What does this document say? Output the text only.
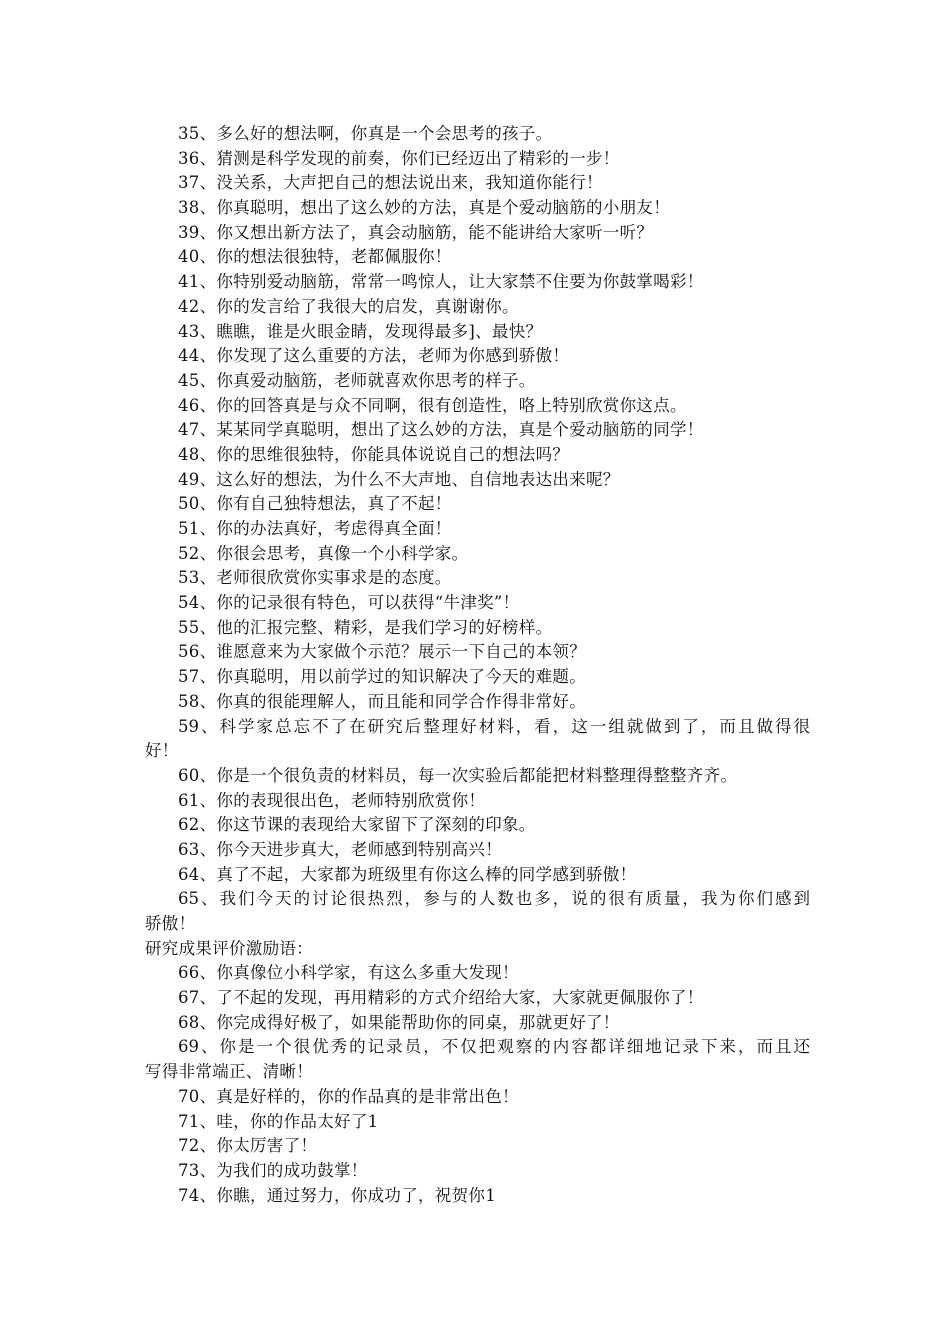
35、多么好的想法啊，你真是一个会思考的孩子。
36、猜测是科学发现的前奏，你们已经迈出了精彩的一步！
37、没关系，大声把自己的想法说出来，我知道你能行！
38、你真聪明，想出了这么妙的方法，真是个爱动脑筋的小朋友！
39、你又想出新方法了，真会动脑筋，能不能讲给大家听一听？
40、你的想法很独特，老都佩服你！
41、你特别爱动脑筋，常常一鸣惊人，让大家禁不住要为你鼓掌喝彩！
42、你的发言给了我很大的启发，真谢谢你。
43、瞧瞧，谁是火眼金睛，发现得最多]、最快？
44、你发现了这么重要的方法，老师为你感到骄傲！
45、你真爱动脑筋，老师就喜欢你思考的样子。
46、你的回答真是与众不同啊，很有创造性，咯上特别欣赏你这点。
47、某某同学真聪明，想出了这么妙的方法，真是个爱动脑筋的同学！
48、你的思维很独特，你能具体说说自己的想法吗？
49、这么好的想法，为什么不大声地、自信地表达出来呢？
50、你有自己独特想法，真了不起！
51、你的办法真好，考虑得真全面！
52、你很会思考，真像一个小科学家。
53、老师很欣赏你实事求是的态度。
54、你的记录很有特色，可以获得“牛津奖”！
55、他的汇报完整、精彩，是我们学习的好榜样。
56、谁愿意来为大家做个示范？展示一下自己的本领？
57、你真聪明，用以前学过的知识解决了今天的难题。
58、你真的很能理解人，而且能和同学合作得非常好。
59、科学家总忘不了在研究后整理好材料，看，这一组就做到了，而且做得很
好！
60、你是一个很负责的材料员，每一次实验后都能把材料整理得整整齐齐。
61、你的表现很出色，老师特别欣赏你！
62、你这节课的表现给大家留下了深刻的印象。
63、你今天进步真大，老师感到特别高兴！
64、真了不起，大家都为班级里有你这么棒的同学感到骄傲！
65、我们今天的讨论很热烈，参与的人数也多，说的很有质量，我为你们感到
骄傲！
研究成果评价激励语：
66、你真像位小科学家，有这么多重大发现！
67、了不起的发现，再用精彩的方式介绍给大家，大家就更佩服你了！
68、你完成得好极了，如果能帮助你的同桌，那就更好了！
69、你是一个很优秀的记录员，不仅把观察的内容都详细地记录下来，而且还
写得非常端正、清晰！
70、真是好样的，你的作品真的是非常出色！
71、哇，你的作品太好了1
72、你太厉害了！
73、为我们的成功鼓掌！
74、你瞧，通过努力，你成功了，祝贺你1
